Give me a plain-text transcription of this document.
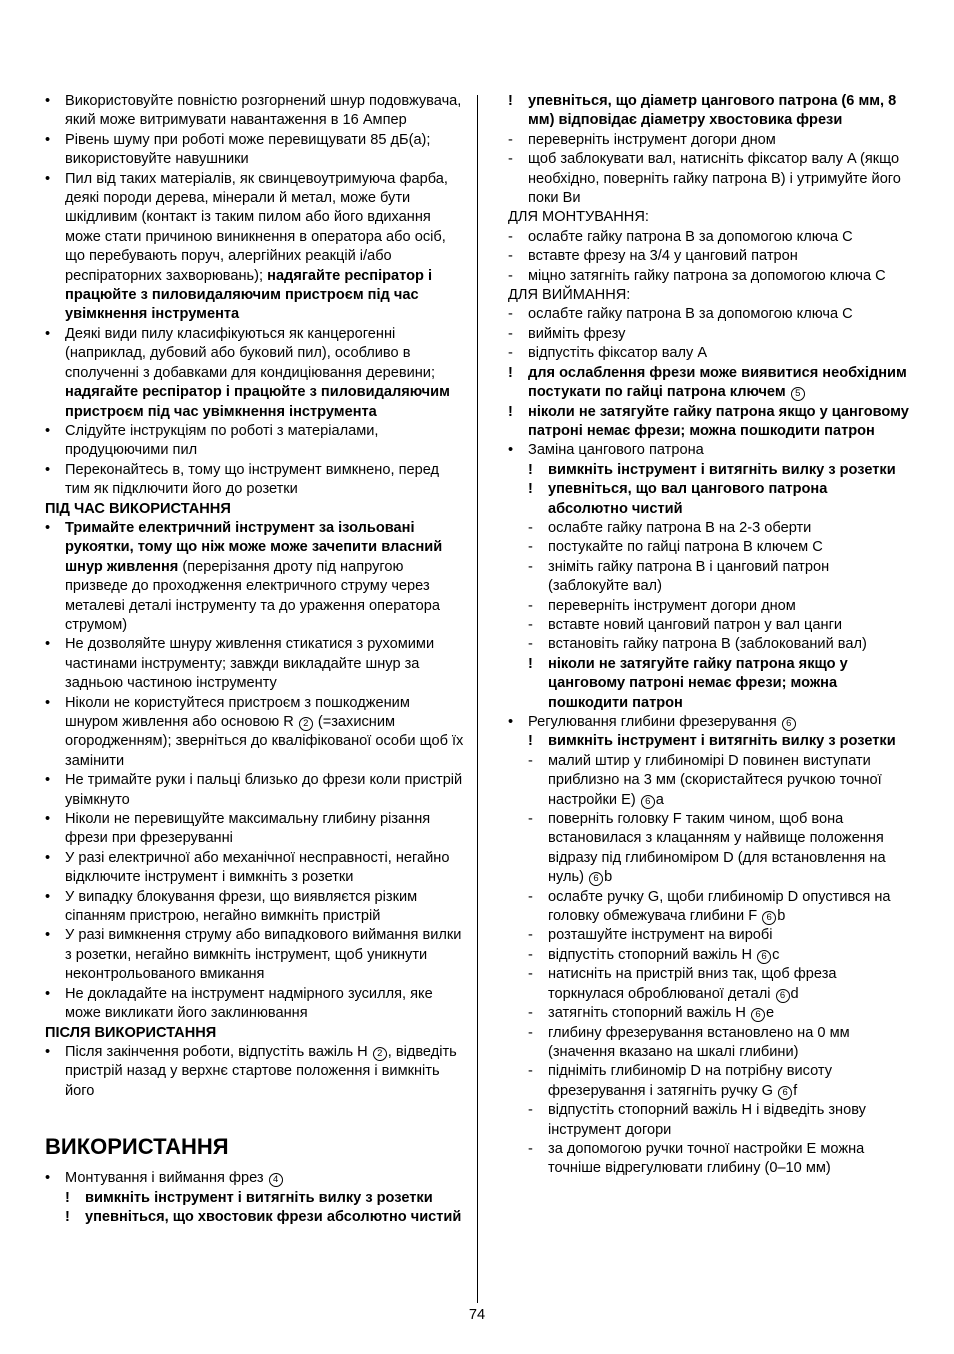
•	Використовуйте повністю розгорнений шнур подовжувача, який може витримувати навантаження в 16 Ампер
•	Рівень шуму при роботі може перевищувати 85 дБ(а); використовуйте навушники
•	Пил від таких матеріалів, як свинцевоутримуюча фарба, деякі породи дерева, мінерали й метал, може бути шкідливим (контакт із таким пилом або його вдихання може стати причиною виникнення в оператора або осіб, що перебувають поруч, алергійних реакцій і/або респіраторних захворювань); надягайте респіратор і працюйте з пиловидаляючим пристроєм під час увімкнення інструмента
•	Деякі види пилу класифікуються як канцерогенні (наприклад, дубовий або буковий пил), особливо в сполученні з добавками для кондиціювання деревини; надягайте респіратор і працюйте з пиловидаляючим пристроєм під час увімкнення інструмента
•	Слідуйте інструкціям по роботі з матеріалами, продуцюючими пил
•	Переконайтесь в, тому що інструмент вимкнено, перед тим як підключити його до розетки
ПІД ЧАС ВИКОРИСТАННЯ
•	Тримайте електричний інструмент за ізольовані рукоятки, тому що ніж може може зачепити власний шнур живлення (перерізання дроту під напругою призведе до проходження електричного струму через металеві деталі інструменту та до ураження оператора струмом)
•	Не дозволяйте шнуру живлення стикатися з рухомими частинами інструменту; завжди викладайте шнур за задньою частиною інструменту
•	Ніколи не користуйтеся пристроєм з пошкодженим шнуром живлення або основою R 2 (=захисним огородженням); зверніться до кваліфікованої особи щоб їх замінити
•	Не тримайте руки і пальці близько до фрези коли пристрій увімкнуто
•	Ніколи не перевищуйте максимальну глибину різання фрези при фрезеруванні
•	У разі електричної або механічної несправності, негайно відключите інструмент і вимкніть з розетки
•	У випадку блокування фрези, що виявляєтся різким сіпанням пристрою, негайно вимкніть пристрій
•	У разі вимкнення струму або випадкового виймання вилки з розетки, негайно вимкніть інструмент, щоб уникнути неконтрольованого вмикання
•	Не докладайте на інструмент надмірного зусилля, яке може викликати його заклинювання
ПІСЛЯ ВИКОРИСТАННЯ
•	Після закінчення роботи, відпустіть важіль H 2 , відведіть пристрій назад у верхнє стартове положення і вимкніть його
ВИКОРИСТАННЯ
•	Монтування і виймання фрез 4
!	вимкніть інструмент і витягніть вилку з розетки
!	упевніться, що хвостовик фрези абсолютно чистий
!	упевніться, що діаметр цангового патрона (6 мм, 8 мм) відповідає діаметру хвостовика фрези
-	переверніть інструмент догори дном
-	щоб заблокувати вал, натисніть фіксатор валу A (якщо необхідно, поверніть гайку патрона B) і утримуйте його поки Ви
ДЛЯ МОНТУВАННЯ:
-	ослабте гайку патрона B за допомогою ключа C
-	вставте фрезу на 3/4 у цанговий патрон
-	міцно затягніть гайку патрона за допомогою ключа C
ДЛЯ ВИЙМАННЯ:
-	ослабте гайку патрона B за допомогою ключа C
-	вийміть фрезу
-	відпустіть фіксатор валу A
!	для ослаблення фрези може виявитися необхідним постукати по гайці патрона ключем 5
!	ніколи не затягуйте гайку патрона якщо у цанговому патроні немає фрези; можна пошкодити патрон
•	Заміна цангового патрона
!	вимкніть інструмент і витягніть вилку з розетки
!	упевніться, що вал цангового патрона абсолютно чистий
-	ослабте гайку патрона B на 2-3 оберти
-	постукайте по гайці патрона B ключем C
-	зніміть гайку патрона B і цанговий патрон (заблокуйте вал)
-	переверніть інструмент догори дном
-	вставте новий цанговий патрон у вал цанги
-	встановіть гайку патрона B (заблокований вал)
!	ніколи не затягуйте гайку патрона якщо у цанговому патроні немає фрези; можна пошкодити патрон
•	Регулювання глибини фрезерування 6
!	вимкніть інструмент і витягніть вилку з розетки
-	малий штир у глибиномірі D повинен виступати приблизно на 3 мм (скористайтеся ручкою точної настройки E) 6 a
-	поверніть головку F таким чином, щоб вона встановилася з клацанням у найвище положення відразу під глибиноміром D (для встановлення на нуль) 6 b
-	ослабте ручку G, щоби глибиномір D опустився на головку обмежувача глибини F 6 b
-	розташуйте інструмент на виробі
-	відпустіть стопорний важіль H 6 c
-	натисніть на пристрій вниз так, щоб фреза торкнулася оброблюваної деталі 6 d
-	затягніть стопорний важіль H 6 e
-	глибину фрезерування встановлено на 0 мм (значення вказано на шкалі глибини)
-	підніміть глибиномір D на потрібну висоту фрезерування і затягніть ручку G 6 f
-	відпустіть стопорний важіль H і відведіть знову інструмент догори
-	за допомогою ручки точної настройки E можна точніше відрегулювати глибину (0–10 мм)
74
